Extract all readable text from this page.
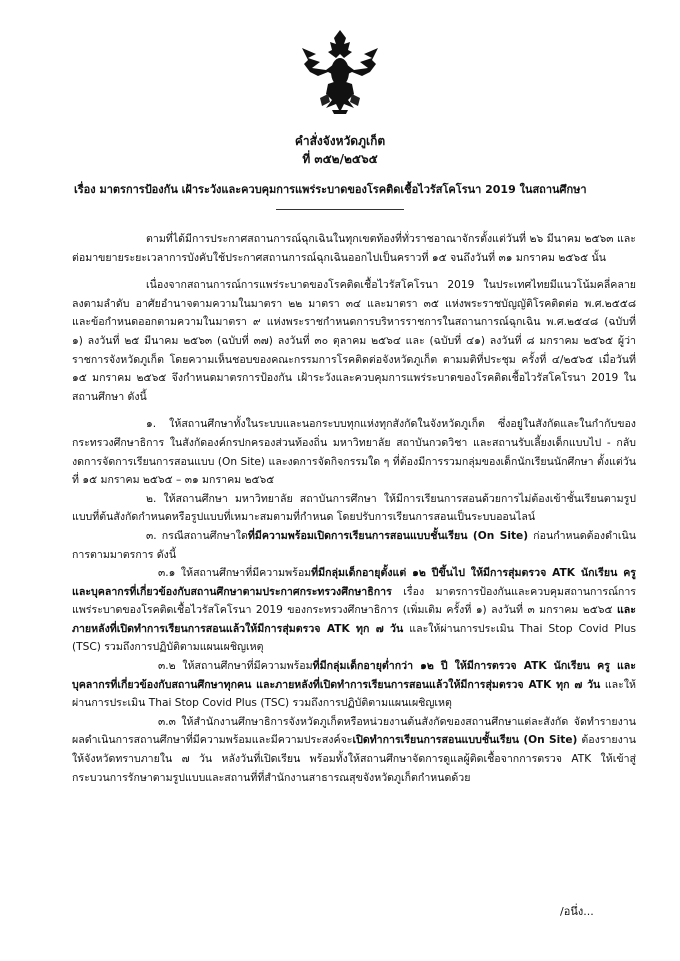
คำสั่งจังหวัดภูเก็ต
ที่ ๓๕๒/๒๕๖๕
เรื่อง มาตรการป้องกัน เฝ้าระวังและควบคุมการแพร่ระบาดของโรคติดเชื้อไวรัสโคโรนา 2019 ในสถานศึกษา

ตามที่ได้มีการประกาศสถานการณ์ฉุกเฉินในทุกเขตท้องที่ทั่วราชอาณาจักรตั้งแต่วันที่ ๒๖ มีนาคม ๒๕๖๓ และต่อมาขยายระยะเวลาการบังคับใช้ประกาศสถานการณ์ฉุกเฉินออกไปเป็นคราวที่ ๑๕ จนถึงวันที่ ๓๑ มกราคม ๒๕๖๕ นั้น

เนื่องจากสถานการณ์การแพร่ระบาดของโรคติดเชื้อไวรัสโคโรนา 2019 ในประเทศไทยมีแนวโน้มคลี่คลายลงตามลำดับ อาศัยอำนาจตามความในมาตรา ๒๒ มาตรา ๓๔ และมาตรา ๓๕ แห่งพระราชบัญญัติโรคติดต่อ พ.ศ.๒๕๕๘ และข้อกำหนดออกตามความในมาตรา ๙ แห่งพระราชกำหนดการบริหารราชการในสถานการณ์ฉุกเฉิน พ.ศ.๒๕๔๘ (ฉบับที่ ๑) ลงวันที่ ๒๕ มีนาคม ๒๕๖๓ (ฉบับที่ ๓๗) ลงวันที่ ๓๐ ตุลาคม ๒๕๖๔ และ (ฉบับที่ ๔๑) ลงวันที่ ๘ มกราคม ๒๕๖๕ ผู้ว่าราชการจังหวัดภูเก็ต โดยความเห็นชอบของคณะกรรมการโรคติดต่อจังหวัดภูเก็ต ตามมติที่ประชุม ครั้งที่ ๔/๒๕๖๕ เมื่อวันที่ ๑๕ มกราคม ๒๕๖๕ จึงกำหนดมาตรการป้องกัน เฝ้าระวังและควบคุมการแพร่ระบาดของโรคติดเชื้อไวรัสโคโรนา 2019 ในสถานศึกษา ดังนี้

๑. ให้สถานศึกษาทั้งในระบบและนอกระบบทุกแห่งทุกสังกัดในจังหวัดภูเก็ต ซึ่งอยู่ในสังกัดและในกำกับของกระทรวงศึกษาธิการ ในสังกัดองค์กรปกครองส่วนท้องถิ่น มหาวิทยาลัย สถาบันกวดวิชา และสถานรับเลี้ยงเด็กแบบไป - กลับ งดการจัดการเรียนการสอนแบบ (On Site) และงดการจัดกิจกรรมใด ๆ ที่ต้องมีการรวมกลุ่มของเด็กนักเรียนนักศึกษา ตั้งแต่วันที่ ๑๕ มกราคม ๒๕๖๕ – ๓๑ มกราคม ๒๕๖๕

๒. ให้สถานศึกษา มหาวิทยาลัย สถาบันการศึกษา ให้มีการเรียนการสอนด้วยการไม่ต้องเข้าชั้นเรียนตามรูปแบบที่ต้นสังกัดกำหนดหรือรูปแบบที่เหมาะสมตามที่กำหนด โดยปรับการเรียนการสอนเป็นระบบออนไลน์

๓. กรณีสถานศึกษาใดที่มีความพร้อมเปิดการเรียนการสอนแบบชั้นเรียน (On Site) ก่อนกำหนดต้องดำเนินการตามมาตรการ ดังนี้

๓.๑ ให้สถานศึกษาที่มีความพร้อมที่มีกลุ่มเด็กอายุตั้งแต่ ๑๒ ปีขึ้นไป ให้มีการสุ่มตรวจ ATK นักเรียน ครู และบุคลากรที่เกี่ยวข้องกับสถานศึกษาตามประกาศกระทรวงศึกษาธิการ เรื่อง มาตรการป้องกันและควบคุมสถานการณ์การแพร่ระบาดของโรคติดเชื้อไวรัสโคโรนา 2019 ของกระทรวงศึกษาธิการ (เพิ่มเติม ครั้งที่ ๑) ลงวันที่ ๓ มกราคม ๒๕๖๕ และภายหลังที่เปิดทำการเรียนการสอนแล้วให้มีการสุ่มตรวจ ATK ทุก ๗ วัน และให้ผ่านการประเมิน Thai Stop Covid Plus (TSC) รวมถึงการปฏิบัติตามแผนเผชิญเหตุ

๓.๒ ให้สถานศึกษาที่มีความพร้อมที่มีกลุ่มเด็กอายุต่ำกว่า ๑๒ ปี ให้มีการตรวจ ATK นักเรียน ครู และบุคลากรที่เกี่ยวข้องกับสถานศึกษาทุกคน และภายหลังที่เปิดทำการเรียนการสอนแล้วให้มีการสุ่มตรวจ ATK ทุก ๗ วัน และให้ผ่านการประเมิน Thai Stop Covid Plus (TSC) รวมถึงการปฏิบัติตามแผนเผชิญเหตุ

๓.๓ ให้สำนักงานศึกษาธิการจังหวัดภูเก็ตหรือหน่วยงานต้นสังกัดของสถานศึกษาแต่ละสังกัด จัดทำรายงานผลดำเนินการสถานศึกษาที่มีความพร้อมและมีความประสงค์จะเปิดทำการเรียนการสอนแบบชั้นเรียน (On Site) ต้องรายงานให้จังหวัดทราบภายใน ๗ วัน หลังวันที่เปิดเรียน พร้อมทั้งให้สถานศึกษาจัดการดูแลผู้ติดเชื้อจากการตรวจ ATK ให้เข้าสู่กระบวนการรักษาตามรูปแบบและสถานที่ที่สำนักงานสาธารณสุขจังหวัดภูเก็ตกำหนดด้วย

/อนึ่ง...
